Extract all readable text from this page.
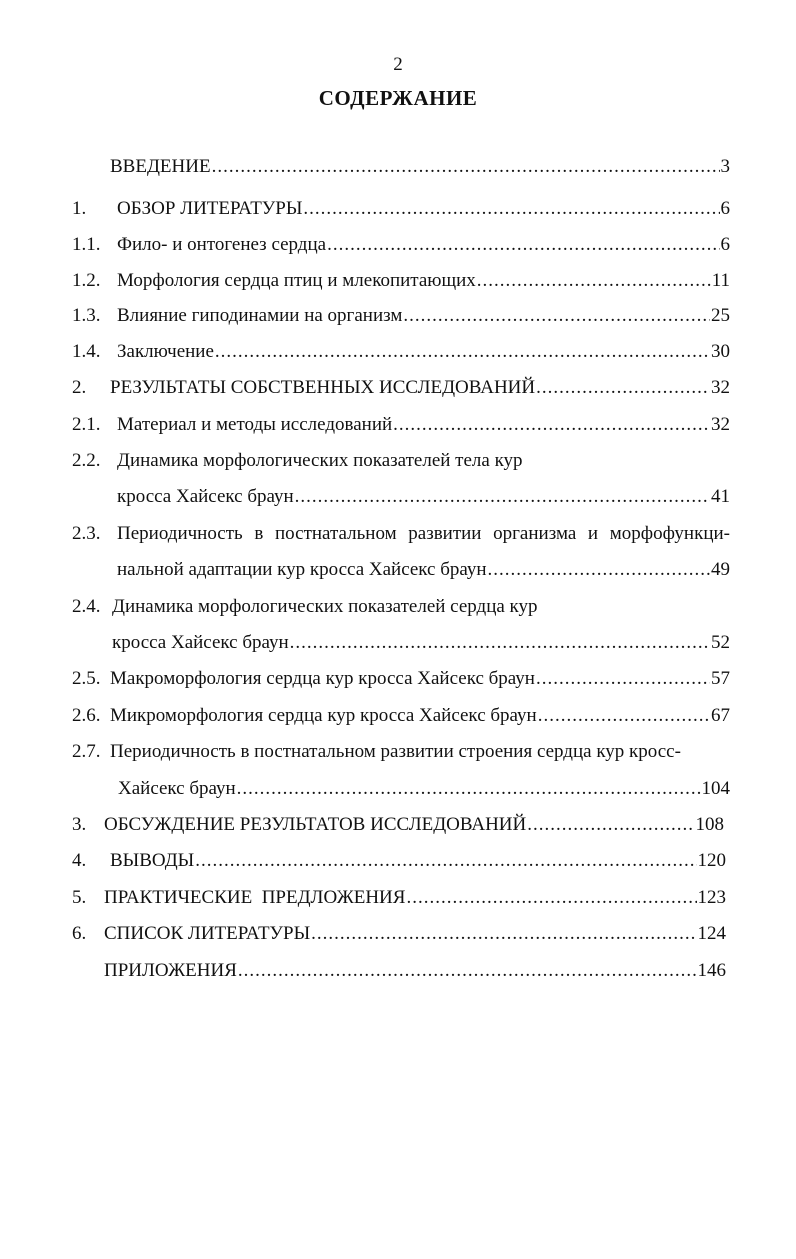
2
СОДЕРЖАНИЕ
ВВЕДЕНИЕ .....	3
1. ОБЗОР ЛИТЕРАТУРЫ .....	6
1.1. Фило- и онтогенез сердца .....	6
1.2. Морфология сердца птиц и млекопитающих .....	11
1.3. Влияние гиподинамии на организм .....	25
1.4. Заключение .....	30
2. РЕЗУЛЬТАТЫ СОБСТВЕННЫХ ИССЛЕДОВАНИЙ .....	32
2.1. Материал и методы исследований .....	32
2.2. Динамика морфологических показателей тела кур
кросса Хайсекс браун .....	41
2.3. Периодичность в постнатальном развитии организма и морфофункци-
нальной адаптации кур кросса Хайсекс браун .....	49
2.4. Динамика морфологических показателей сердца кур
кросса Хайсекс браун .....	52
2.5. Макроморфология сердца кур кросса Хайсекс браун .....	57
2.6. Микроморфология сердца кур кросса Хайсекс браун .....	67
2.7. Периодичность в постнатальном развитии строения сердца кур кросс-
Хайсекс браун .....	104
3. ОБСУЖДЕНИЕ РЕЗУЛЬТАТОВ ИССЛЕДОВАНИЙ .....	108
4. ВЫВОДЫ .....	120
5. ПРАКТИЧЕСКИЕ  ПРЕДЛОЖЕНИЯ .....	123
6. СПИСОК ЛИТЕРАТУРЫ .....	124
ПРИЛОЖЕНИЯ .....	146
